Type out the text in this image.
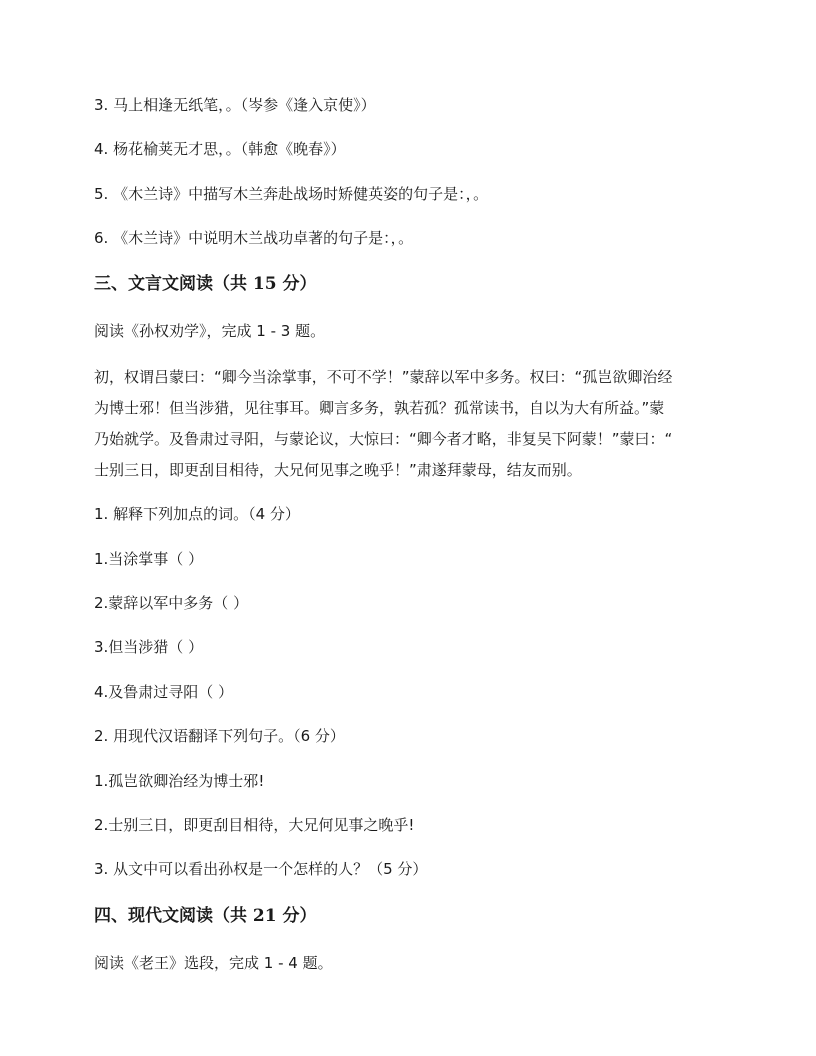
3. 马上相逢无纸笔，。（岑参《逢入京使》）
4. 杨花榆荚无才思，。（韩愈《晚春》）
5. 《木兰诗》中描写木兰奔赴战场时矫健英姿的句子是：，。
6. 《木兰诗》中说明木兰战功卓著的句子是：，。
三、文言文阅读（共 15 分）
阅读《孙权劝学》，完成 1 - 3 题。
初，权谓吕蒙曰：“卿今当涂掌事，不可不学！”蒙辞以军中多务。权曰：“孤岂欲卿治经
为博士邪！但当涉猎，见往事耳。卿言多务，孰若孤？孤常读书，自以为大有所益。”蒙
乃始就学。及鲁肃过寻阳，与蒙论议，大惊曰：“卿今者才略，非复吴下阿蒙！”蒙曰：“
士别三日，即更刮目相待，大兄何见事之晚乎！”肃遂拜蒙母，结友而别。
1. 解释下列加点的词。（4 分）
1.当涂掌事（ ）
2.蒙辞以军中多务（ ）
3.但当涉猎（ ）
4.及鲁肃过寻阳（ ）
2. 用现代汉语翻译下列句子。（6 分）
1.孤岂欲卿治经为博士邪!
2.士别三日，即更刮目相待，大兄何见事之晚乎!
3. 从文中可以看出孙权是一个怎样的人？（5 分）
四、现代文阅读（共 21 分）
阅读《老王》选段，完成 1 - 4 题。
